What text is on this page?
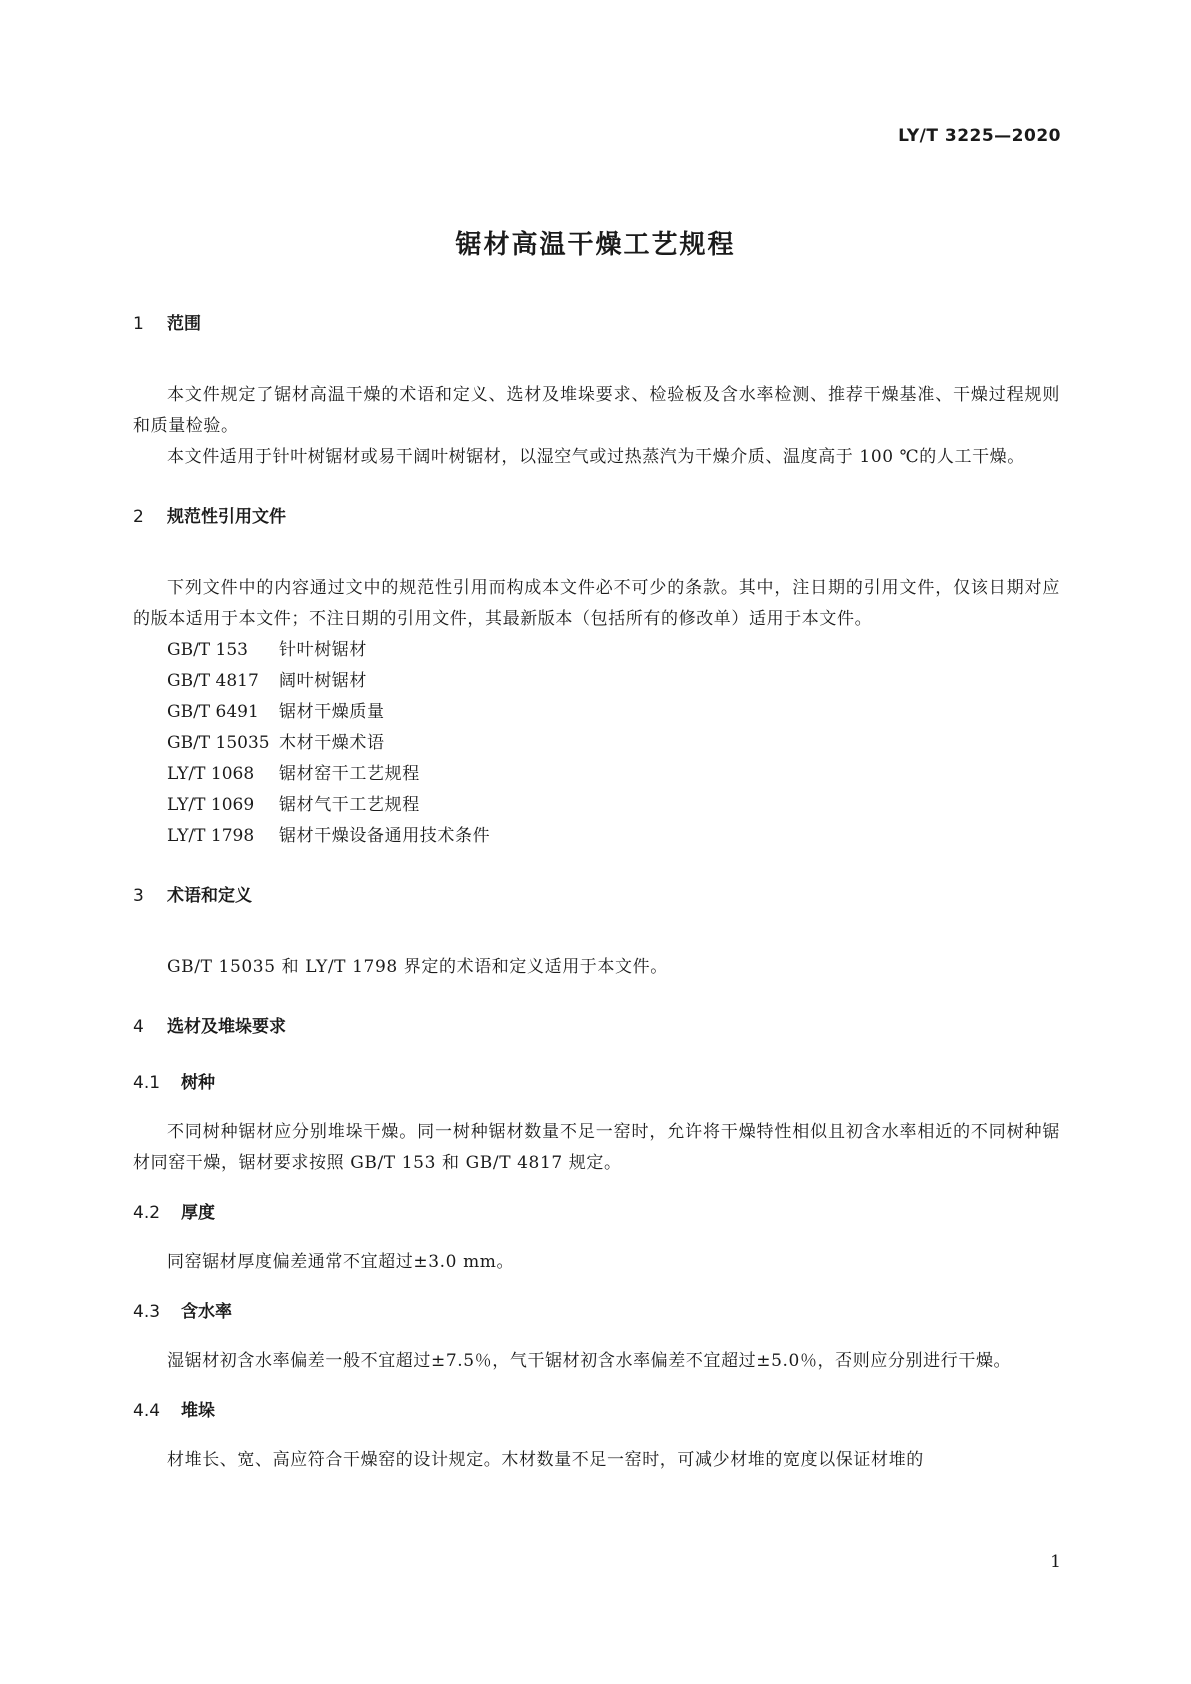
LY/T 3225—2020
锯材高温干燥工艺规程
1 范围
本文件规定了锯材高温干燥的术语和定义、选材及堆垛要求、检验板及含水率检测、推荐干燥基准、干燥过程规则和质量检验。
本文件适用于针叶树锯材或易干阔叶树锯材，以湿空气或过热蒸汽为干燥介质、温度高于 100 ℃的人工干燥。
2 规范性引用文件
下列文件中的内容通过文中的规范性引用而构成本文件必不可少的条款。其中，注日期的引用文件，仅该日期对应的版本适用于本文件；不注日期的引用文件，其最新版本（包括所有的修改单）适用于本文件。
GB/T 153 针叶树锯材
GB/T 4817 阔叶树锯材
GB/T 6491 锯材干燥质量
GB/T 15035 木材干燥术语
LY/T 1068 锯材窑干工艺规程
LY/T 1069 锯材气干工艺规程
LY/T 1798 锯材干燥设备通用技术条件
3 术语和定义
GB/T 15035 和 LY/T 1798 界定的术语和定义适用于本文件。
4 选材及堆垛要求
4.1 树种
不同树种锯材应分别堆垛干燥。同一树种锯材数量不足一窑时，允许将干燥特性相似且初含水率相近的不同树种锯材同窑干燥，锯材要求按照 GB/T 153 和 GB/T 4817 规定。
4.2 厚度
同窑锯材厚度偏差通常不宜超过±3.0 mm。
4.3 含水率
湿锯材初含水率偏差一般不宜超过±7.5％，气干锯材初含水率偏差不宜超过±5.0％，否则应分别进行干燥。
4.4 堆垛
材堆长、宽、高应符合干燥窑的设计规定。木材数量不足一窑时，可减少材堆的宽度以保证材堆的
1
